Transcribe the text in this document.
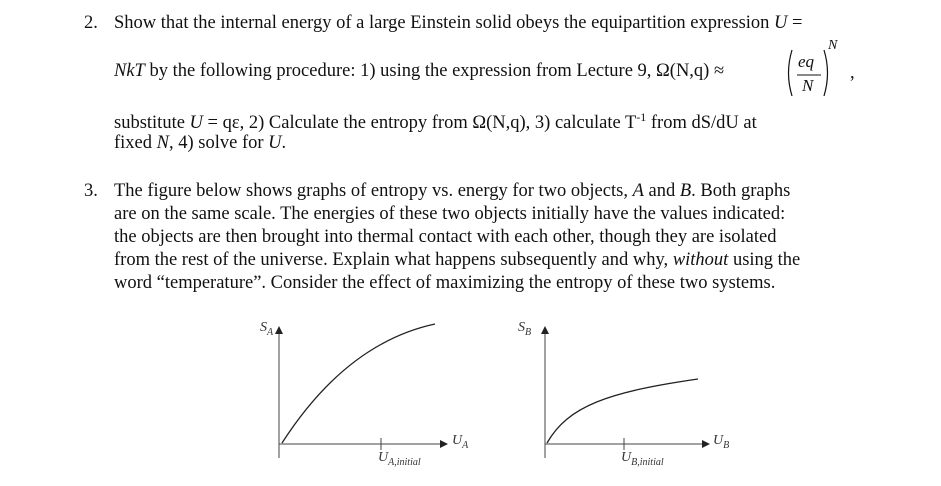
2. Show that the internal energy of a large Einstein solid obeys the equipartition expression U =
NkT by the following procedure: 1) using the expression from Lecture 9, Ω(N,q) ≈	eq
N
N
,
substitute U = qε, 2) Calculate the entropy from Ω(N,q), 3) calculate $T^{-1}$ from dS/dU at
fixed N, 4) solve for U.
3. The figure below shows graphs of entropy vs. energy for two objects, A and B. Both graphs
are on the same scale. The energies of these two objects initially have the values indicated:
the objects are then brought into thermal contact with each other, though they are isolated
from the rest of the universe. Explain what happens subsequently and why, without using the
word “temperature”. Consider the effect of maximizing the entropy of these two systems.
$S_A$
$U_A$
$U_{A,initial}$
$S_B$
$U_B$
$U_{B,initial}$
